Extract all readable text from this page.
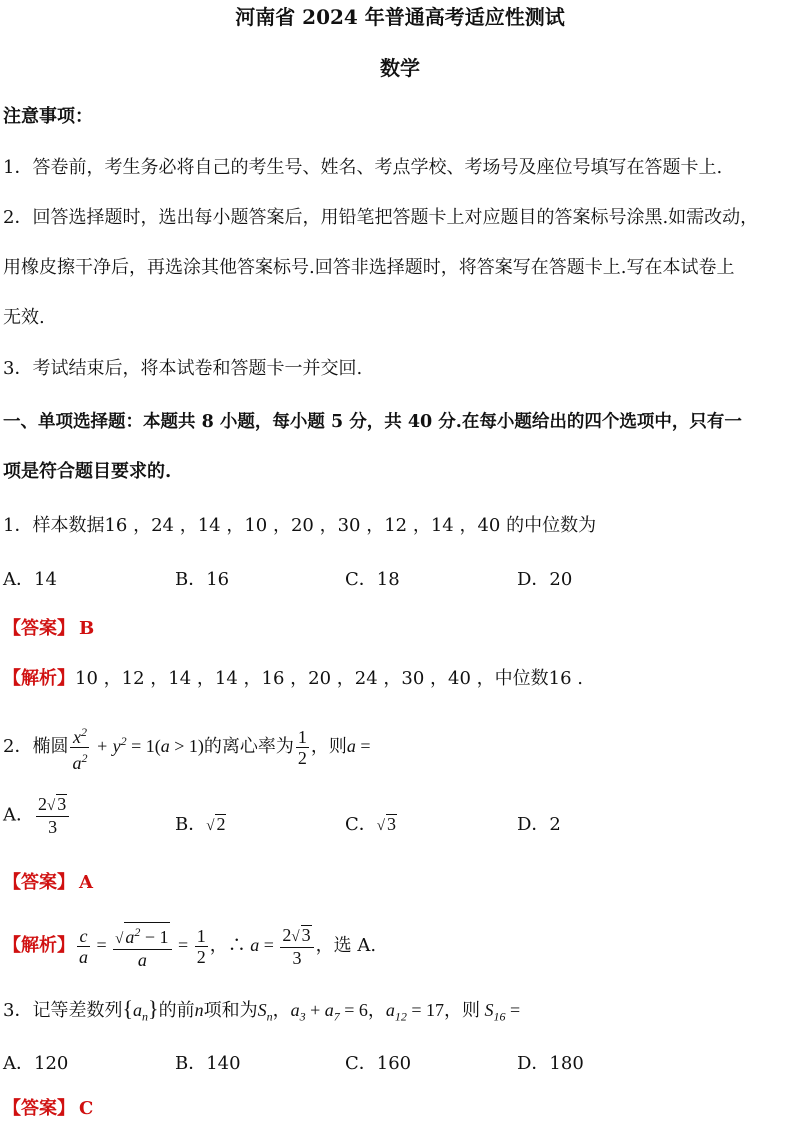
河南省 2024 年普通高考适应性测试
数学
注意事项：
1．答卷前，考生务必将自己的考生号、姓名、考点学校、考场号及座位号填写在答题卡上.
2．回答选择题时，选出每小题答案后，用铅笔把答题卡上对应题目的答案标号涂黑.如需改动，
用橡皮擦干净后，再选涂其他答案标号.回答非选择题时，将答案写在答题卡上.写在本试卷上
无效.
3．考试结束后，将本试卷和答题卡一并交回.
一、单项选择题：本题共 8 小题，每小题 5 分，共 40 分.在每小题给出的四个选项中，只有一
项是符合题目要求的.
1．样本数据16 ，24 ，14 ，10 ，20 ，30 ，12 ，14 ，40 的中位数为
A．14	B．16	C．18	D．20
【答案】 B
【解析】10 ，12 ，14 ，14 ，16 ，20 ，24 ，30 ，40 ，中位数16 .
2．椭圆 $\frac{x^2}{a^2} + y^2 = 1(a > 1)$的离心率为 $\frac{1}{2}$ ，则a =
A． $\frac{2√ 3}{3}$	B．√ 2	C．√ 3	D．2
【答案】 A
【解析】 $\frac{c}{a} = \frac{√ a^2 - 1}{a} = \frac{1}{2}$ ，∴ $a = \frac{2√ 3}{3}$ ，选 A.
3．记等差数列$\{a_n\}$的前n项和为$S_n$，$a_3 + a_7 = 6$，$a_{12} = 17$，则 $S_{16}$ =
A．120	B．140	C．160	D．180
【答案】 C
